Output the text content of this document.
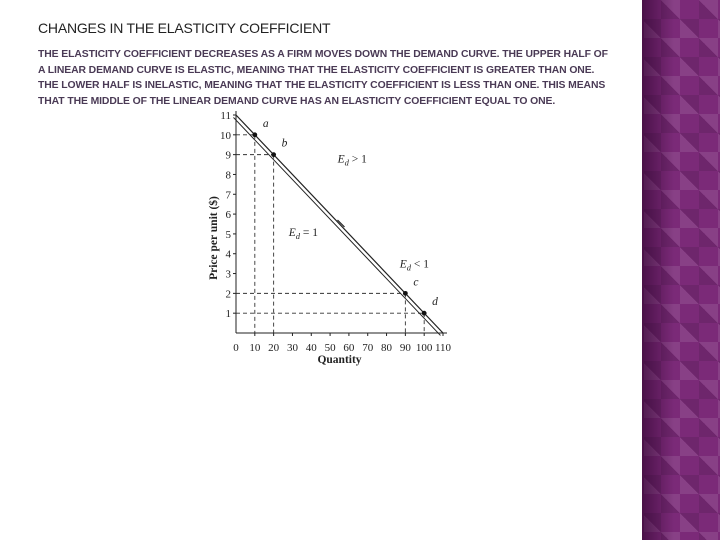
CHANGES IN THE ELASTICITY COEFFICIENT
THE ELASTICITY COEFFICIENT DECREASES AS A FIRM MOVES DOWN THE DEMAND CURVE. THE UPPER HALF OF A LINEAR DEMAND CURVE IS ELASTIC, MEANING THAT THE ELASTICITY COEFFICIENT IS GREATER THAN ONE. THE LOWER HALF IS INELASTIC, MEANING THAT THE ELASTICITY COEFFICIENT IS LESS THAN ONE. THIS MEANS THAT THE MIDDLE OF THE LINEAR DEMAND CURVE HAS AN ELASTICITY COEFFICIENT EQUAL TO ONE.
1
2
3
4
5
6
7
8
9
10
11
0 10 20 30 40 50 60 70 80 90 100 110
Quantity
Price per unit ($)
a
b
c
d
$E_d > 1$
$E_d = 1$
$E_d < 1$
